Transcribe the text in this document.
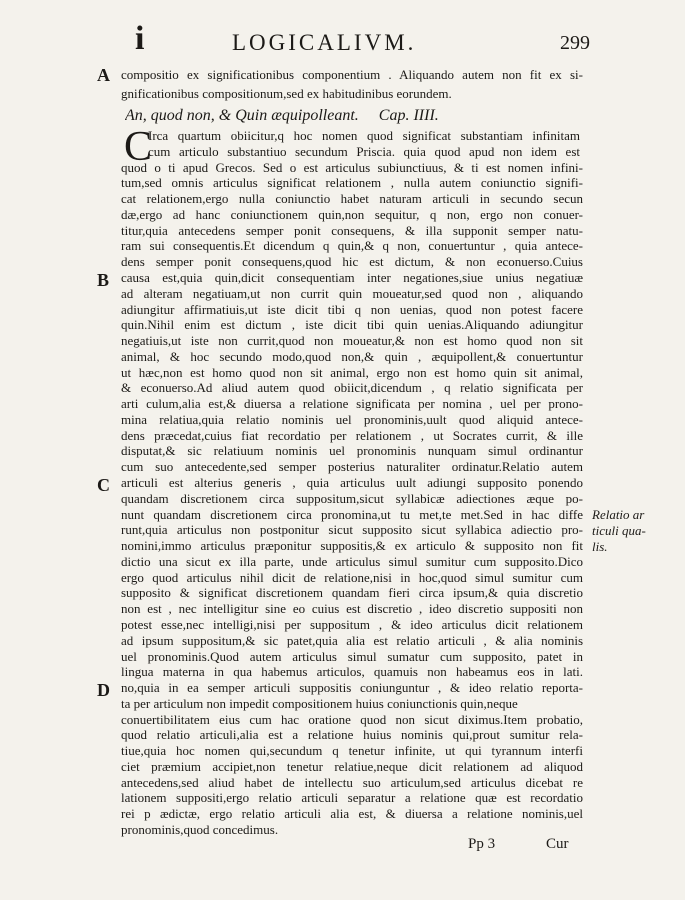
i	LOGICALIVM.	299
A
B
C
D
compositio ex significationibus componentium . Aliquando autem non fit ex si-
gnificationibus compositionum,sed ex habitudinibus eorundem.
An, quod non, & Quin æquipolleant. Cap. IIII.
C
Irca quartum obiicitur,q hoc nomen quod significat substantiam infinitam
cum articulo substantiuo secundum Priscia. quia quod apud non idem est
quod o ti apud Grecos. Sed o est articulus subiunctiuus, & ti est nomen infini-
tum,sed omnis articulus significat relationem , nulla autem coniunctio signifi-
cat relationem,ergo nulla coniunctio habet naturam articuli in secundo secun
dæ,ergo ad hanc coniunctionem quin,non sequitur, q non, ergo non conuer-
titur,quia antecedens semper ponit consequens, & illa supponit semper natu-
ram sui consequentis.Et dicendum q quin,& q non, conuertuntur , quia antece-
dens semper ponit consequens,quod hic est dictum, & non econuerso.Cuius
causa est,quia quin,dicit consequentiam inter negationes,siue unius negatiuæ
ad alteram negatiuam,ut non currit quin moueatur,sed quod non , aliquando
adiungitur affirmatiuis,ut iste dicit tibi q non uenias, quod non potest facere
quin.Nihil enim est dictum , iste dicit tibi quin uenias.Aliquando adiungitur
negatiuis,ut iste non currit,quod non moueatur,& non est homo quod non sit
animal, & hoc secundo modo,quod non,& quin , æquipollent,& conuertuntur
ut hæc,non est homo quod non sit animal, ergo non est homo quin sit animal,
& econuerso.Ad aliud autem quod obiicit,dicendum , q relatio significata per
arti culum,alia est,& diuersa a relatione significata per nomina , uel per prono-
mina relatiua,quia relatio nominis uel pronominis,uult quod aliquid antece-
dens præcedat,cuius fiat recordatio per relationem , ut Socrates currit, & ille
disputat,& sic relatiuum nominis uel pronominis nunquam simul ordinantur
cum suo antecedente,sed semper posterius naturaliter ordinatur.Relatio autem
articuli est alterius generis , quia articulus uult adiungi supposito ponendo
quandam discretionem circa suppositum,sicut syllabicæ adiectiones æque po-
nunt quandam discretionem circa pronomina,ut tu met,te met.Sed in hac diffe
runt,quia articulus non postponitur sicut supposito sicut syllabica adiectio pro-
nomini,immo articulus præponitur suppositis,& ex articulo & supposito non fit
dictio una sicut ex illa parte, unde articulus simul sumitur cum supposito.Dico
ergo quod articulus nihil dicit de relatione,nisi in hoc,quod simul sumitur cum
supposito & significat discretionem quandam fieri circa ipsum,& quia discretio
non est , nec intelligitur sine eo cuius est discretio , ideo discretio suppositi non
potest esse,nec intelligi,nisi per suppositum , & ideo articulus dicit relationem
ad ipsum suppositum,& sic patet,quia alia est relatio articuli , & alia nominis
uel pronominis.Quod autem articulus simul sumatur cum supposito, patet in
lingua materna in qua habemus articulos, quamuis non habeamus eos in lati.
no,quia in ea semper articuli suppositis coniunguntur , & ideo relatio reporta-
ta per articulum non impedit compositionem huius coniunctionis quin,neque
conuertibilitatem eius cum hac oratione quod non sicut diximus.Item probatio,
quod relatio articuli,alia est a relatione huius nominis qui,prout sumitur rela-
tiue,quia hoc nomen qui,secundum q tenetur infinite, ut qui tyrannum interfi
ciet præmium accipiet,non tenetur relatiue,neque dicit relationem ad aliquod
antecedens,sed aliud habet de intellectu suo articulum,sed articulus dicebat re
lationem suppositi,ergo relatio articuli separatur a relatione quæ est recordatio
rei p ædictæ, ergo relatio articuli alia est, & diuersa a relatione nominis,uel
pronominis,quod concedimus.
Relatio ar
ticuli qua-
lis.
Pp 3	Cur
